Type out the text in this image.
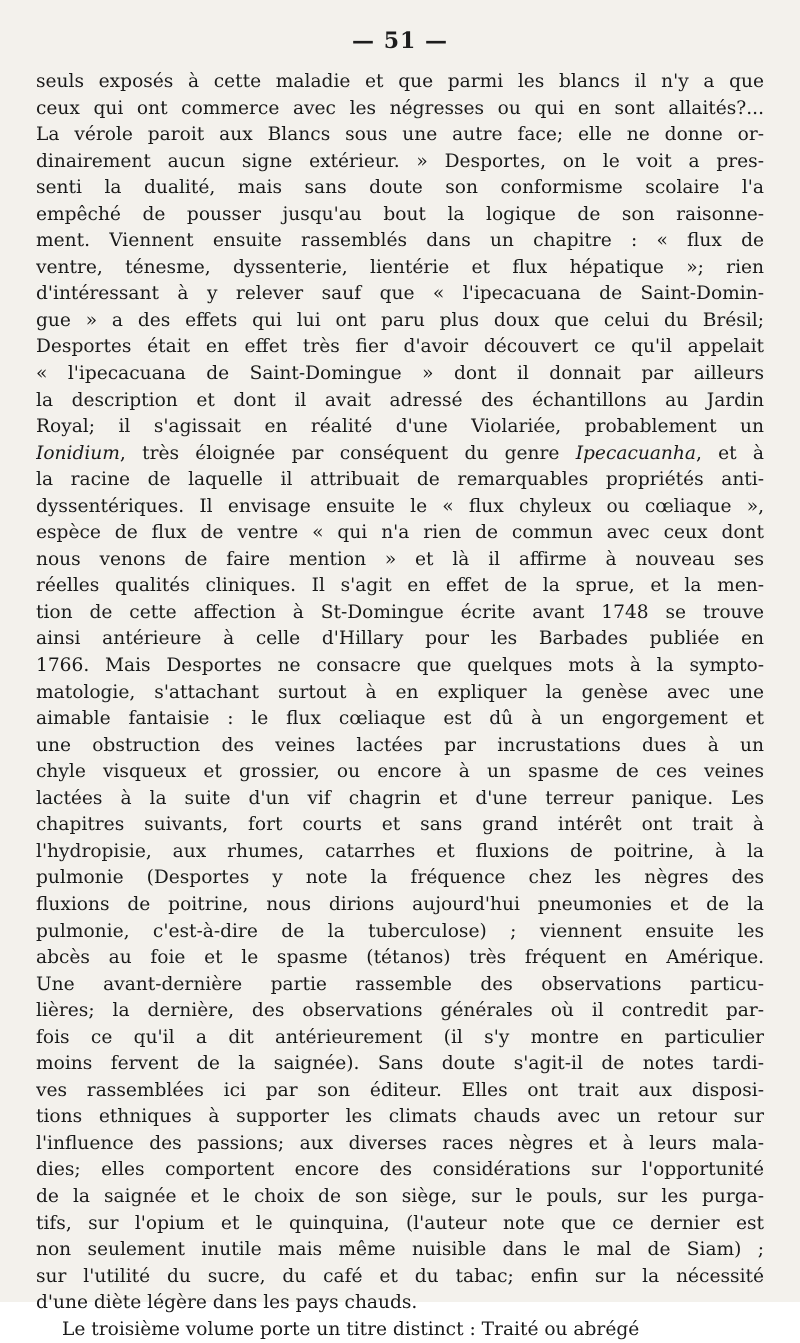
— 51 —
seuls exposés à cette maladie et que parmi les blancs il n'y a que
ceux qui ont commerce avec les négresses ou qui en sont allaités?...
La vérole paroit aux Blancs sous une autre face; elle ne donne or-
dinairement aucun signe extérieur. » Desportes, on le voit a pres-
senti la dualité, mais sans doute son conformisme scolaire l'a
empêché de pousser jusqu'au bout la logique de son raisonne-
ment. Viennent ensuite rassemblés dans un chapitre : « flux de
ventre, ténesme, dyssenterie, lientérie et flux hépatique »; rien
d'intéressant à y relever sauf que « l'ipecacuana de Saint-Domin-
gue » a des effets qui lui ont paru plus doux que celui du Brésil;
Desportes était en effet très fier d'avoir découvert ce qu'il appelait
« l'ipecacuana de Saint-Domingue » dont il donnait par ailleurs
la description et dont il avait adressé des échantillons au Jardin
Royal; il s'agissait en réalité d'une Violariée, probablement un
Ionidium, très éloignée par conséquent du genre Ipecacuanha, et à
la racine de laquelle il attribuait de remarquables propriétés anti-
dyssentériques. Il envisage ensuite le « flux chyleux ou cœliaque »,
espèce de flux de ventre « qui n'a rien de commun avec ceux dont
nous venons de faire mention » et là il affirme à nouveau ses
réelles qualités cliniques. Il s'agit en effet de la sprue, et la men-
tion de cette affection à St-Domingue écrite avant 1748 se trouve
ainsi antérieure à celle d'Hillary pour les Barbades publiée en
1766. Mais Desportes ne consacre que quelques mots à la sympto-
matologie, s'attachant surtout à en expliquer la genèse avec une
aimable fantaisie : le flux cœliaque est dû à un engorgement et
une obstruction des veines lactées par incrustations dues à un
chyle visqueux et grossier, ou encore à un spasme de ces veines
lactées à la suite d'un vif chagrin et d'une terreur panique. Les
chapitres suivants, fort courts et sans grand intérêt ont trait à
l'hydropisie, aux rhumes, catarrhes et fluxions de poitrine, à la
pulmonie (Desportes y note la fréquence chez les nègres des
fluxions de poitrine, nous dirions aujourd'hui pneumonies et de la
pulmonie, c'est-à-dire de la tuberculose) ; viennent ensuite les
abcès au foie et le spasme (tétanos) très fréquent en Amérique.
Une avant-dernière partie rassemble des observations particu-
lières; la dernière, des observations générales où il contredit par-
fois ce qu'il a dit antérieurement (il s'y montre en particulier
moins fervent de la saignée). Sans doute s'agit-il de notes tardi-
ves rassemblées ici par son éditeur. Elles ont trait aux disposi-
tions ethniques à supporter les climats chauds avec un retour sur
l'influence des passions; aux diverses races nègres et à leurs mala-
dies; elles comportent encore des considérations sur l'opportunité
de la saignée et le choix de son siège, sur le pouls, sur les purga-
tifs, sur l'opium et le quinquina, (l'auteur note que ce dernier est
non seulement inutile mais même nuisible dans le mal de Siam) ;
sur l'utilité du sucre, du café et du tabac; enfin sur la nécessité
d'une diète légère dans les pays chauds.
Le troisième volume porte un titre distinct : Traité ou abrégé
